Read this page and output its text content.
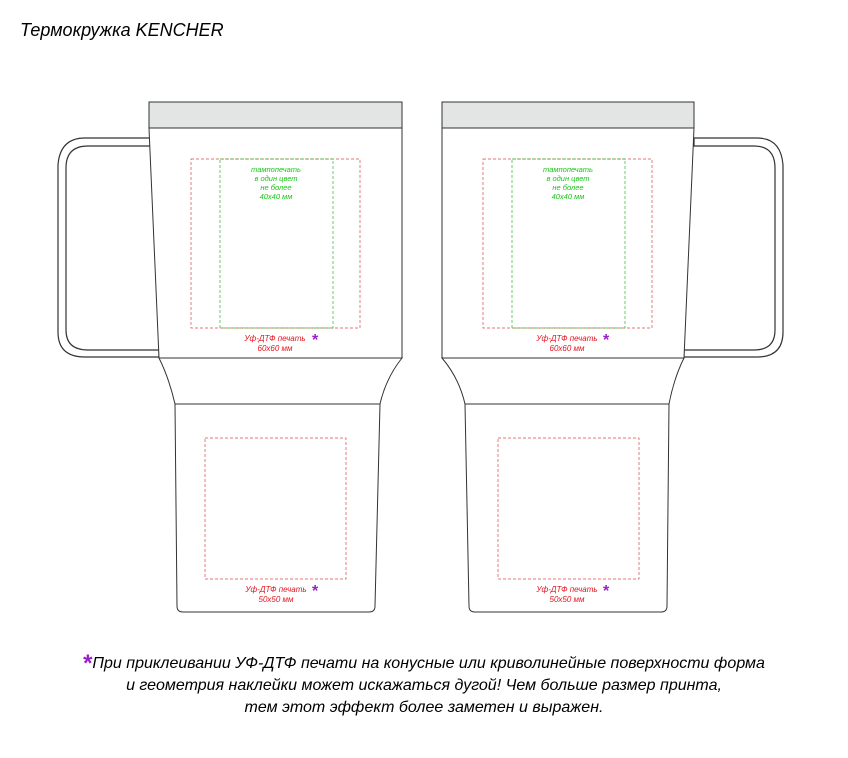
Термокружка KENCHER
тампопечать
в один цвет
не более
40х40 мм
Уф-ДТФ печать
60х60 мм
Уф-ДТФ печать
50х50 мм
*
*
тампопечать
в один цвет
не более
40х40 мм
Уф-ДТФ печать
60х60 мм
Уф-ДТФ печать
50х50 мм
*
*
*При приклеивании УФ-ДТФ печати на конусные или криволинейные поверхности форма
и геометрия наклейки может искажаться дугой! Чем больше размер принта,
тем этот эффект более заметен и выражен.
